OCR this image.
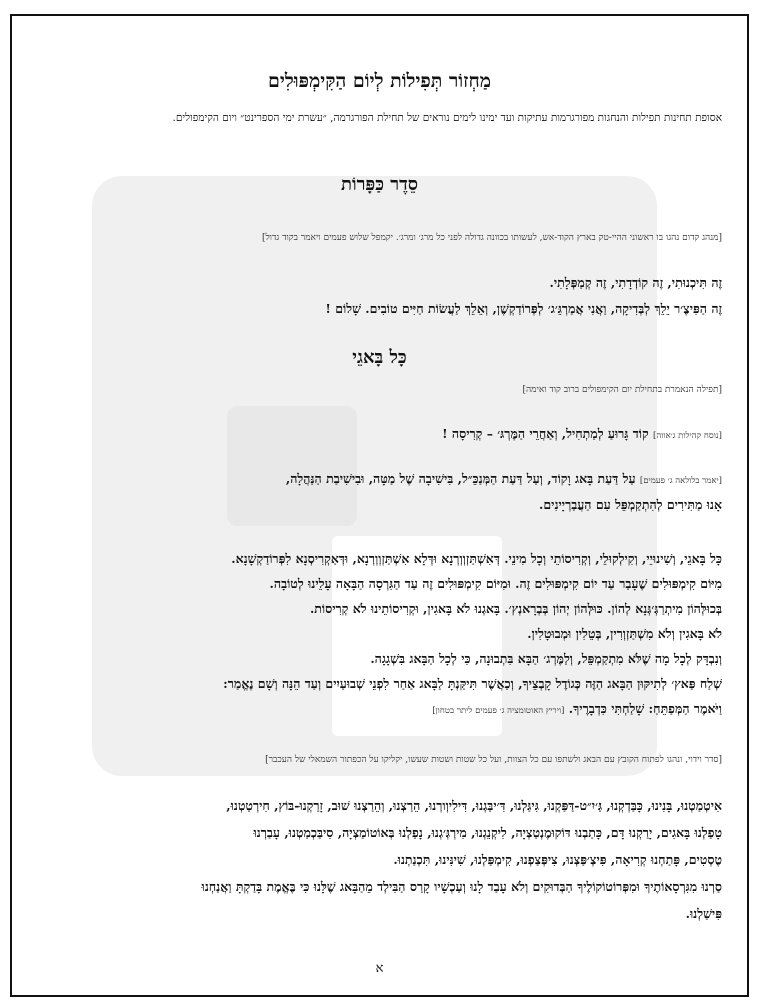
מַחְזוֹר תְּפִילוֹת לְיוֹם הַקִּימְפּוּלִים
אסופת תחינות תפילות והנחגות מפורגרמות עתיקות ועד ימינו לימים נוראים של תחילת הפורגרמה, ״עשרת ימי הספרינט״ ויום הקימפולים.
סֵדֶר כַּפָּרוֹת
[מנהג קדום נהגו בו ראשוני ההיי-טק בארץ הקוד-אש, לעשותו בכוונה גדולה לפני כל מרג׳ ומרג׳. יקמפל שלוש פעמים ויאמר בקוד גדול]
זֶה תִּיכְנוּתִי, זֶה קוֹדְדָתִי, זֶה קְמַפְּלָתִי.
זֶה הַפִּיצֶ׳ר יֵלֵךְ לְבְּדִיקָה, וַאֲנִי אֲמַרְגֵּ׳ג׳ לְפְּרוֹדַקְשֶׁן, וְאֵלֵךְ לַעֲשׂוֹת חַיִּים טוֹבִים. שָׁלוֹם !
כָּל בָּאגֵי
[תפילה הנאמרת בתחילת יום הקימפולים ברוב קוד ואימה]
[נוסח קהילות ג׳אווה] קוֹד גָּרוּעַ לְמַתְחִיל, וְאַחֲרֵי הַמֶּרְגּ׳ – קְרִיסָה !
[יאמר בלולאה ג׳ פעמים] עַל דַּעַת בָּאג וָקוֹד, וְעַל דַּעַת הַמְּנַכֵּ״ל, בִּישִׁיבָה שֶׁל מַטָּה, וּבִישִׁיבַת הַנַּהֲלָה,
אָנוּ מַתִּירִים לְהִתְקַמְפֵּל עִם הַעֲבַרְיָינִים.
כָּל בָּאגֵי, וְשִׁינוּיֵי, וְקִילְקוּלֵי, וְקְרִיסוֹתֵי וְכָל מִינֵי. דְּאִשְׁתַּזְוְוְרְנָא וּדְּלָא אִשְׁתַּזְוְוְרְנָא, וּדְּאַקְרִיסְנָא לִפְּרוֹדַקְשָׁנָא.
מִיּוֹם קִימְפּוּלִים שֶׁעָבַר עַד יוֹם קִימְפּוּלִים זֶה. וּמִיּוֹם קִימְפּוּלִים זֶה עַד הַגִּרְסָה הַבָּאָה עָלֵינוּ לְטוֹבָה.
בְּכוּלְּהוֹן מִיתְרַגְּ׳גְּנָא לְהוֹן. כּוּלְּהוֹן יְהוֹן בְּבְרָאנְץ׳. בָּאגְנוּ לֹא בָּאגִין, וּקְרִיסוֹתֵינוּ לֹא קְרִיסוֹת.
לֹא בָּאגִין וְלֹא מִשְׁתַּזְוְרִין, בְּטֵלִין וּמְבוּטָלִין.
וְנִבְדָּק לְכָל מָה שֶׁלֹּא מִתְקַמְפֵּל, וְלַמֶּרְג׳ הַבָּא בִּתְבוּנָה, כִּי לְכָל הַבָּאג בִּשְׁגָגָה.
שְׁלַח פַּאץ׳ לְתִיקּוּן הַבָּאג הַזֶּה כְּגוֹדֶל קָבְצֵיךָ, וְכַאֲשֶׁר תִּיקַּנְתָּ לַבָּאג אַחַר לִפְנֵי שְׁבוּעַיִים וְעַד הֵנָּה וְשָׁם נֶאֱמַר:
וַיֹּאמֶר הַמְּפַתֵּחַ: שָׁלַחְתִּי כִּדְבָרֶיךָ. [ויריץ האוטומציה ג׳ פעמים ליתר בטחון]
[סדר וידוי, ונהגו לפתוח הקובץ עם הבאג ולשתפו עם כל הצוות, ועל כל שטות ושטות שעשו, יקליקו על הכפתור השמאלי של העכבר]
אִיטְמַטְנוּ, בָּנִינוּ, כָּבַּדְקְנוּ, גַּ׳יִ״ט-דַּפַּקְנוּ, גִּיגַּלְנוּ, דִּ׳יבַּגְנוּ, דִּילִיוְורְנוּ, הֵרַצְנוּ, וְהֵרַצְנוּ שׁוּב, זָרַקְנוּ-בּוֹץ, חִירְטַטְנוּ,
טָפַלְנוּ בָּאגִים, יָרַקְנוּ דָּם, כָּתַבְנוּ דּוֹקוּמֶנְטַצְיָה, לִיקְנֵגְנוּ, מִירְגְּ׳גְנוּ, נָפַלְנוּ בְּאוֹטוֹמַצְיָה, סִיבַּכְמַטְנוּ, עָבַרְנוּ
טֶסְטִים, פָּתַחְנוּ קְרִיאָה, פִּיצְ׳פַּצְנוּ, צִיפְּצַפְנוּ, קִימְפַּלְנוּ, שִׁינִּינוּ, תִּכְנַתְנוּ.
סַרְנוּ מִגִּרְסָאוֹתֶיךָ וּמִפְּרוֹטוֹקוֹלֶיךָ הַבְּדוּקִים וְלֹא עָבַד לָנוּ וְעַכְשָׁיו קָרַס הַבִּילְד מֵהַבָּאג שֶׁלָּנוּ כִּי בֶּאֱמֶת בָּדַקְתָּ וַאֲנַחְנוּ
פִּישַׁלְנוּ.
א
